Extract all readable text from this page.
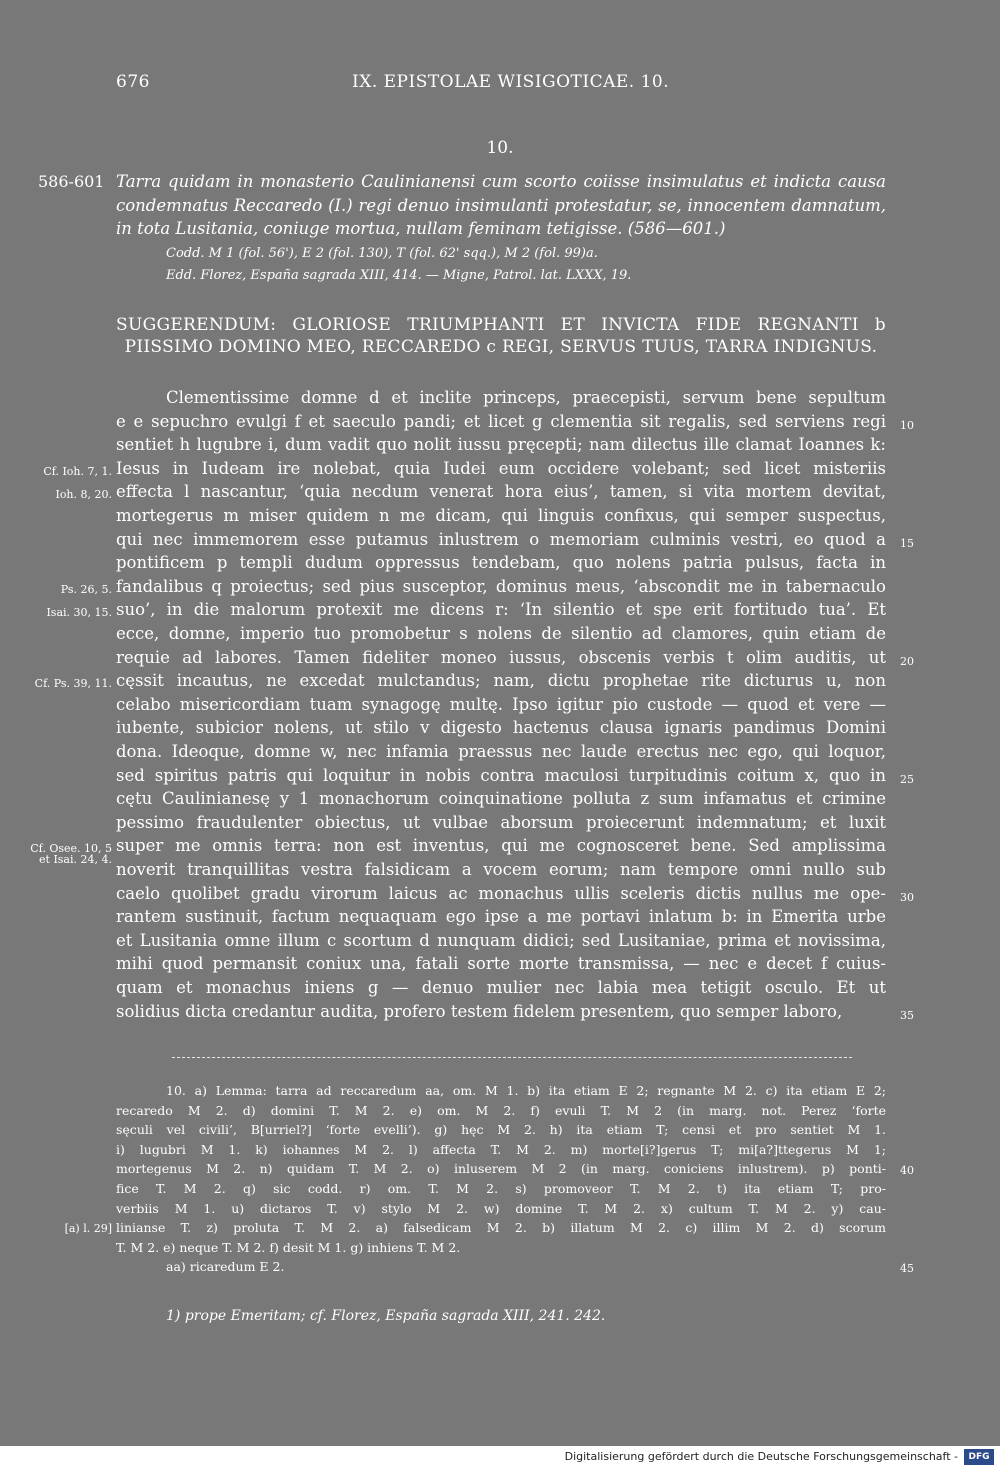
676	IX. EPISTOLAE WISIGOTICAE. 10.
10.
586-601 Tarra quidam in monasterio Caulinianensi cum scorto coiisse insimulatus et indicta causa condemnatus Reccaredo (I.) regi denuo insimulanti protestatur, se, innocentem damnatum, in tota Lusitania, coniuge mortua, nullam feminam tetigisse. (586—601.)
Codd. M 1 (fol. 56'), E 2 (fol. 130), T (fol. 62' sqq.), M 2 (fol. 99)a.
Edd. Florez, España sagrada XIII, 414. — Migne, Patrol. lat. LXXX, 19.
SUGGERENDUM: GLORIOSE TRIUMPHANTI ET INVICTA FIDE REGNANTI b PIISSIMO DOMINO MEO, RECCAREDO c REGI, SERVUS TUUS, TARRA INDIGNUS.
Clementissime domne d et inclite princeps, praecepisti, servum bene sepultum
e e sepuchro evulgi f et saeculo pandi; et licet g clementia sit regalis, sed serviens regi
sentiet h lugubre i, dum vadit quo nolit iussu pręcepti; nam dilectus ille clamat Ioannes k:
Iesus in Iudeam ire nolebat, quia Iudei eum occidere volebant; sed licet misteriis
effecta l nascantur, ‘quia necdum venerat hora eius’, tamen, si vita mortem devitat,
mortegerus m miser quidem n me dicam, qui linguis confixus, qui semper suspectus,
qui nec immemorem esse putamus inlustrem o memoriam culminis vestri, eo quod a
pontificem p templi dudum oppressus tendebam, quo nolens patria pulsus, facta in
fandalibus q proiectus; sed pius susceptor, dominus meus, ‘abscondit me in tabernaculo
suo’, in die malorum protexit me dicens r: ‘In silentio et spe erit fortitudo tua’. Et
ecce, domne, imperio tuo promobetur s nolens de silentio ad clamores, quin etiam de
requie ad labores. Tamen fideliter moneo iussus, obscenis verbis t olim auditis, ut
cęssit incautus, ne excedat mulctandus; nam, dictu prophetae rite dicturus u, non
celabo misericordiam tuam synagogę multę. Ipso igitur pio custode — quod et vere —
iubente, subicior nolens, ut stilo v digesto hactenus clausa ignaris pandimus Domini
dona. Ideoque, domne w, nec infamia praessus nec laude erectus nec ego, qui loquor,
sed spiritus patris qui loquitur in nobis contra maculosi turpitudinis coitum x, quo in
cętu Caulinianesę y 1 monachorum coinquinatione polluta z sum infamatus et crimine
pessimo fraudulenter obiectus, ut vulbae aborsum proiecerunt indemnatum; et luxit
super me omnis terra: non est inventus, qui me cognosceret bene. Sed amplissima
noverit tranquillitas vestra falsidicam a vocem eorum; nam tempore omni nullo sub
caelo quolibet gradu virorum laicus ac monachus ullis sceleris dictis nullus me ope-
rantem sustinuit, factum nequaquam ego ipse a me portavi inlatum b: in Emerita urbe
et Lusitania omne illum c scortum d nunquam didici; sed Lusitaniae, prima et novissima,
mihi quod permansit coniux una, fatali sorte morte transmissa, — nec e decet f cuius-
quam et monachus iniens g — denuo mulier nec labia mea tetigit osculo. Et ut
solidius dicta credantur audita, profero testem fidelem presentem, quo semper laboro,
Cf. Ioh. 7, 1.
Ioh. 8, 20.
Ps. 26, 5.
Isai. 30, 15.
Cf. Ps. 39, 11.
Cf. Osee. 10, 5
et Isai. 24, 4.
10
15
20
25
30
35
10. a) Lemma: tarra ad reccaredum aa, om. M 1. b) ita etiam E 2; regnante M 2. c) ita etiam E 2;
recaredo M 2. d) domini T. M 2. e) om. M 2. f) evuli T. M 2 (in marg. not. Perez ‘forte
sęculi vel civili’, B[urriel?] ‘forte evelli’). g) hęc M 2. h) ita etiam T; censi et pro sentiet M 1.
i) lugubri M 1. k) iohannes M 2. l) affecta T. M 2. m) morte[i?]gerus T; mi[a?]ttegerus M 1;
mortegenus M 2. n) quidam T. M 2. o) inluserem M 2 (in marg. coniciens inlustrem). p) ponti-
fice T. M 2. q) sic codd. r) om. T. M 2. s) promoveor T. M 2. t) ita etiam T; pro-
verbiis M 1. u) dictaros T. v) stylo M 2. w) domine T. M 2. x) cultum T. M 2. y) cau-
linianse T. z) proluta T. M 2. a) falsedicam M 2. b) illatum M 2. c) illim M 2. d) scorum
T. M 2. e) neque T. M 2. f) desit M 1. g) inhiens T. M 2.
aa) ricaredum E 2.
[a) l. 29]
40
45
1) prope Emeritam; cf. Florez, España sagrada XIII, 241. 242.
Digitalisierung gefördert durch die Deutsche Forschungsgemeinschaft -	DFG
